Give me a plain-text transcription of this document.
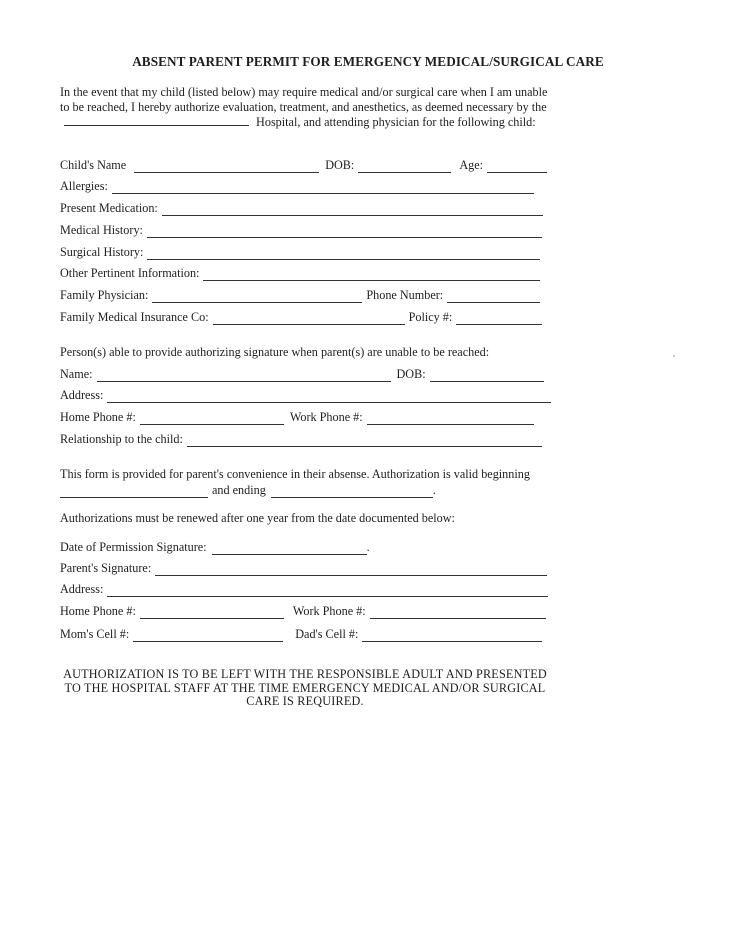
ABSENT PARENT PERMIT FOR EMERGENCY MEDICAL/SURGICAL CARE
In the event that my child (listed below) may require medical and/or surgical care when I am unable to be reached, I hereby authorize evaluation, treatment, and anesthetics, as deemed necessary by the  Hospital, and attending physician for the following child:
Child's Name	DOB:	Age:
Allergies:
Present Medication:
Medical History:
Surgical History:
Other Pertinent Information:
Family Physician:	Phone Number:
Family Medical Insurance Co:	Policy #:
Person(s) able to provide authorizing signature when parent(s) are unable to be reached:
Name:	DOB:
Address:
Home Phone #:	Work Phone #:
Relationship to the child:
This form is provided for parent's convenience in their absense. Authorization is valid beginning
and ending	.
Authorizations must be renewed after one year from the date documented below:
Date of Permission Signature:	.
Parent's Signature:
Address:
Home Phone #:	Work Phone #:
Mom's Cell #:	Dad's Cell #:
AUTHORIZATION IS TO BE LEFT WITH THE RESPONSIBLE ADULT AND PRESENTED
TO THE HOSPITAL STAFF AT THE TIME EMERGENCY MEDICAL AND/OR SURGICAL
CARE IS REQUIRED.
